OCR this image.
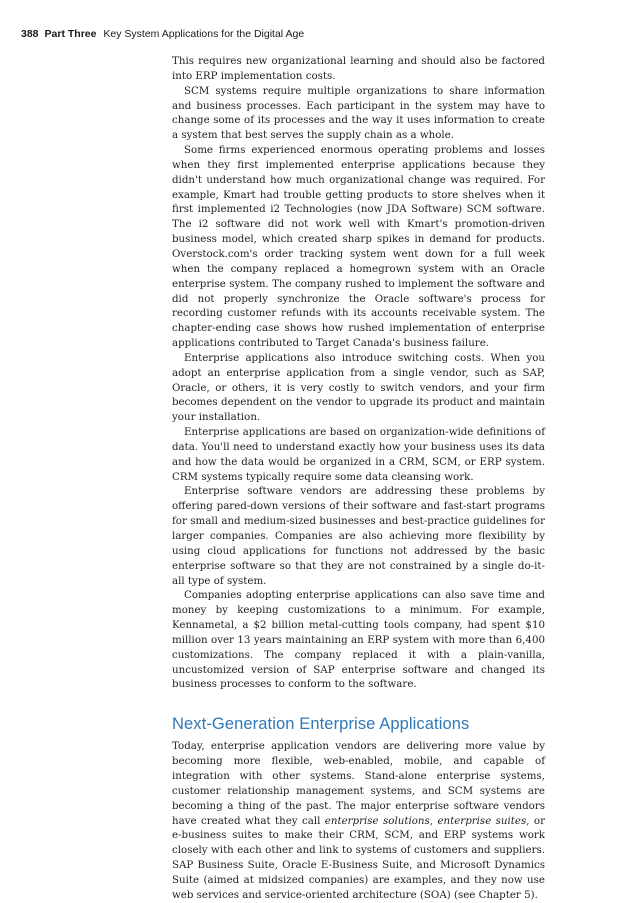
388 Part Three Key System Applications for the Digital Age

This requires new organizational learning and should also be factored into ERP implementation costs.

SCM systems require multiple organizations to share information and business processes. Each participant in the system may have to change some of its processes and the way it uses information to create a system that best serves the supply chain as a whole.

Some firms experienced enormous operating problems and losses when they first implemented enterprise applications because they didn't understand how much organizational change was required. For example, Kmart had trouble getting products to store shelves when it first implemented i2 Technologies (now JDA Software) SCM software. The i2 software did not work well with Kmart's promotion-driven business model, which created sharp spikes in demand for products. Overstock.com's order tracking system went down for a full week when the company replaced a homegrown system with an Oracle enterprise system. The company rushed to implement the software and did not properly synchronize the Oracle software's process for recording customer refunds with its accounts receivable system. The chapter-ending case shows how rushed implementation of enterprise applications contributed to Target Canada's business failure.

Enterprise applications also introduce switching costs. When you adopt an enterprise application from a single vendor, such as SAP, Oracle, or others, it is very costly to switch vendors, and your firm becomes dependent on the vendor to upgrade its product and maintain your installation.

Enterprise applications are based on organization-wide definitions of data. You'll need to understand exactly how your business uses its data and how the data would be organized in a CRM, SCM, or ERP system. CRM systems typically require some data cleansing work.

Enterprise software vendors are addressing these problems by offering pared-down versions of their software and fast-start programs for small and medium-sized businesses and best-practice guidelines for larger companies. Companies are also achieving more flexibility by using cloud applications for functions not addressed by the basic enterprise software so that they are not constrained by a single do-it-all type of system.

Companies adopting enterprise applications can also save time and money by keeping customizations to a minimum. For example, Kennametal, a $2 billion metal-cutting tools company, had spent $10 million over 13 years maintaining an ERP system with more than 6,400 customizations. The company replaced it with a plain-vanilla, uncustomized version of SAP enterprise software and changed its business processes to conform to the software.

Next-Generation Enterprise Applications

Today, enterprise application vendors are delivering more value by becoming more flexible, web-enabled, mobile, and capable of integration with other systems. Stand-alone enterprise systems, customer relationship management systems, and SCM systems are becoming a thing of the past. The major enterprise software vendors have created what they call enterprise solutions, enterprise suites, or e-business suites to make their CRM, SCM, and ERP systems work closely with each other and link to systems of customers and suppliers. SAP Business Suite, Oracle E-Business Suite, and Microsoft Dynamics Suite (aimed at midsized companies) are examples, and they now use web services and service-oriented architecture (SOA) (see Chapter 5).
